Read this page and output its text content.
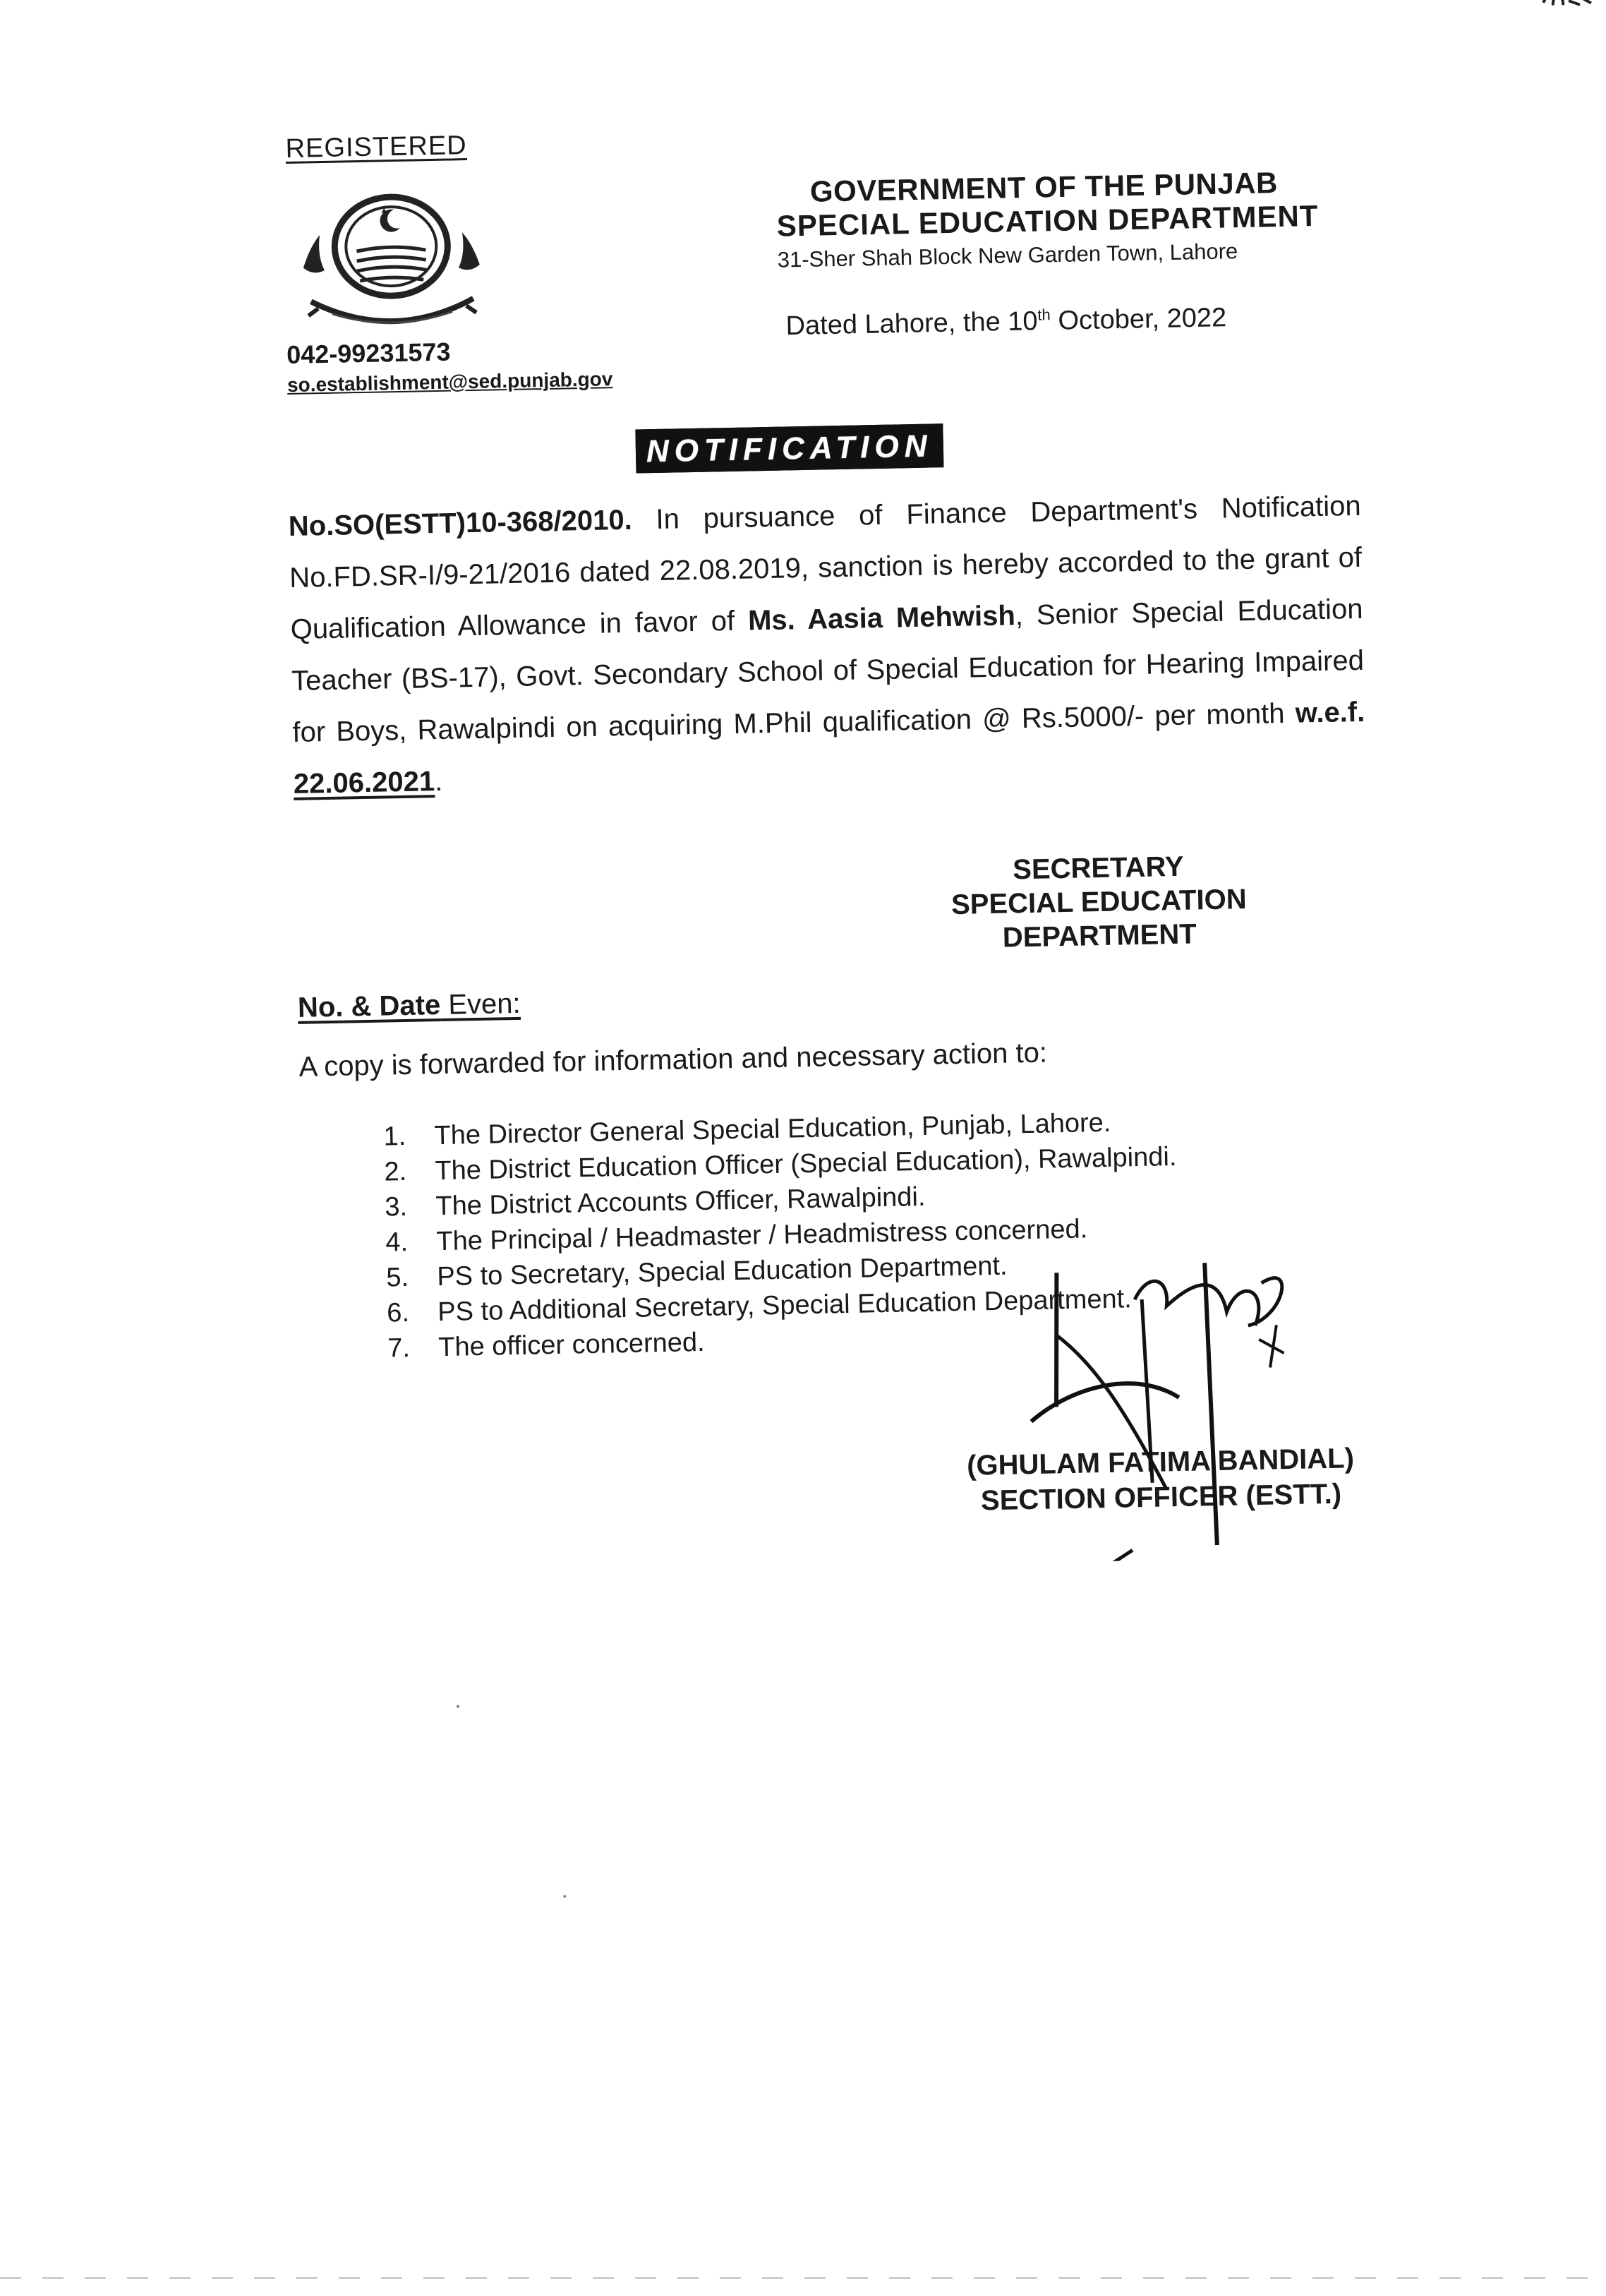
REGISTERED
042-99231573
so.establishment@sed.punjab.gov
GOVERNMENT OF THE PUNJAB
SPECIAL EDUCATION DEPARTMENT
31-Sher Shah Block New Garden Town, Lahore
Dated Lahore, the 10th October, 2022
NOTIFICATION
No.SO(ESTT)10-368/2010. In pursuance of Finance Department's Notification No.FD.SR-I/9-21/2016 dated 22.08.2019, sanction is hereby accorded to the grant of Qualification Allowance in favor of Ms. Aasia Mehwish, Senior Special Education Teacher (BS-17), Govt. Secondary School of Special Education for Hearing Impaired for Boys, Rawalpindi on acquiring M.Phil qualification @ Rs.5000/- per month w.e.f. 22.06.2021.
SECRETARY
SPECIAL EDUCATION
DEPARTMENT
No. & Date Even:
A copy is forwarded for information and necessary action to:
1.	The Director General Special Education, Punjab, Lahore.
2.	The District Education Officer (Special Education), Rawalpindi.
3.	The District Accounts Officer, Rawalpindi.
4.	The Principal / Headmaster / Headmistress concerned.
5.	PS to Secretary, Special Education Department.
6.	PS to Additional Secretary, Special Education Department.
7.	The officer concerned.
(GHULAM FATIMA BANDIAL)
SECTION OFFICER (ESTT.)
